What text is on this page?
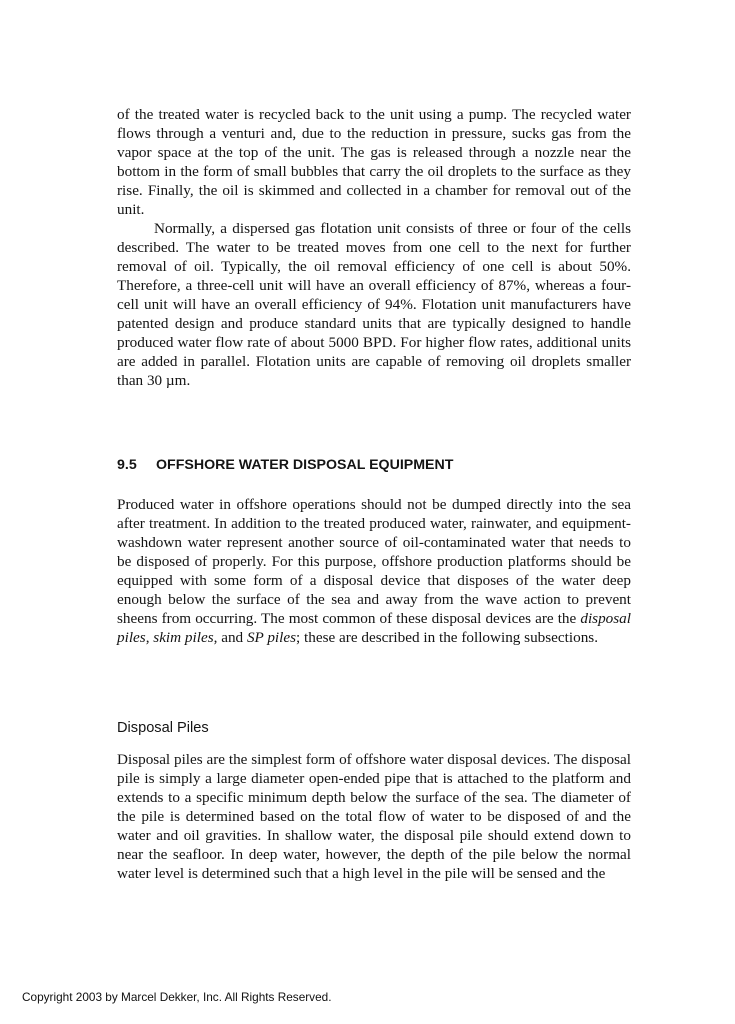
of the treated water is recycled back to the unit using a pump. The recycled water flows through a venturi and, due to the reduction in pressure, sucks gas from the vapor space at the top of the unit. The gas is released through a nozzle near the bottom in the form of small bubbles that carry the oil droplets to the surface as they rise. Finally, the oil is skimmed and collected in a chamber for removal out of the unit.

Normally, a dispersed gas flotation unit consists of three or four of the cells described. The water to be treated moves from one cell to the next for further removal of oil. Typically, the oil removal efficiency of one cell is about 50%. Therefore, a three-cell unit will have an overall efficiency of 87%, whereas a four-cell unit will have an overall efficiency of 94%. Flotation unit manufacturers have patented design and produce standard units that are typically designed to handle produced water flow rate of about 5000 BPD. For higher flow rates, additional units are added in parallel. Flotation units are capable of removing oil droplets smaller than 30 µm.

9.5 OFFSHORE WATER DISPOSAL EQUIPMENT

Produced water in offshore operations should not be dumped directly into the sea after treatment. In addition to the treated produced water, rainwater, and equipment-washdown water represent another source of oil-contaminated water that needs to be disposed of properly. For this purpose, offshore production platforms should be equipped with some form of a disposal device that disposes of the water deep enough below the surface of the sea and away from the wave action to prevent sheens from occurring. The most common of these disposal devices are the disposal piles, skim piles, and SP piles; these are described in the following subsections.

Disposal Piles

Disposal piles are the simplest form of offshore water disposal devices. The disposal pile is simply a large diameter open-ended pipe that is attached to the platform and extends to a specific minimum depth below the surface of the sea. The diameter of the pile is determined based on the total flow of water to be disposed of and the water and oil gravities. In shallow water, the disposal pile should extend down to near the seafloor. In deep water, however, the depth of the pile below the normal water level is determined such that a high level in the pile will be sensed and the

Copyright 2003 by Marcel Dekker, Inc. All Rights Reserved.
